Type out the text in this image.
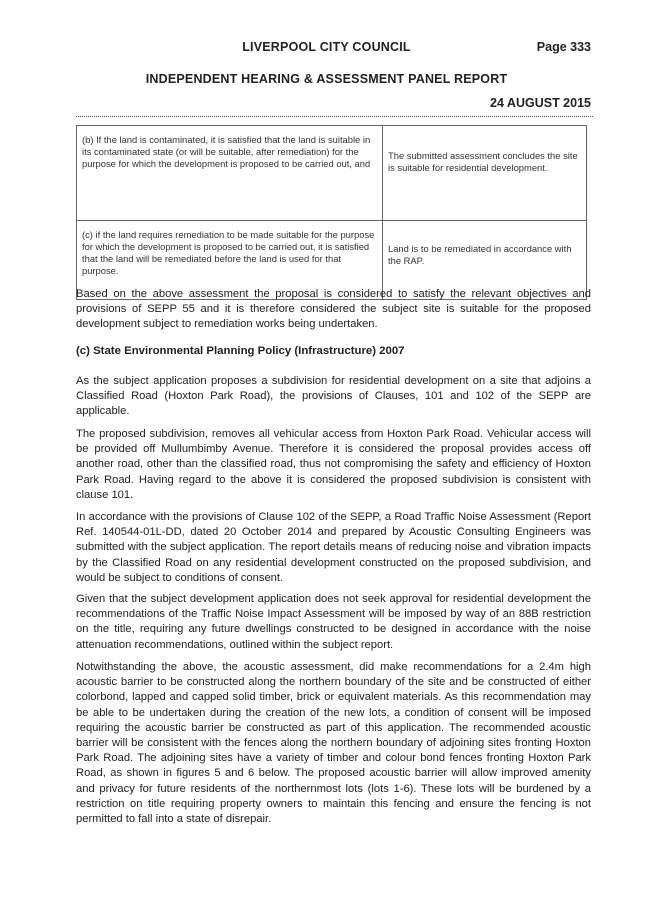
LIVERPOOL CITY COUNCIL	Page 333
INDEPENDENT HEARING & ASSESSMENT PANEL REPORT
24 AUGUST 2015
(b) If the land is contaminated, it is satisfied that the land is suitable in its contaminated state (or will be suitable, after remediation) for the purpose for which the development is proposed to be carried out, and	The submitted assessment concludes the site is suitable for residential development.
(c) if the land requires remediation to be made suitable for the purpose for which the development is proposed to be carried out, it is satisfied that the land will be remediated before the land is used for that purpose.	Land is to be remediated in accordance with the RAP.

Based on the above assessment the proposal is considered to satisfy the relevant objectives and provisions of SEPP 55 and it is therefore considered the subject site is suitable for the proposed development subject to remediation works being undertaken.

(c) State Environmental Planning Policy (Infrastructure) 2007

As the subject application proposes a subdivision for residential development on a site that adjoins a Classified Road (Hoxton Park Road), the provisions of Clauses, 101 and 102 of the SEPP are applicable.

The proposed subdivision, removes all vehicular access from Hoxton Park Road. Vehicular access will be provided off Mullumbimby Avenue. Therefore it is considered the proposal provides access off another road, other than the classified road, thus not compromising the safety and efficiency of Hoxton Park Road. Having regard to the above it is considered the proposed subdivision is consistent with clause 101.

In accordance with the provisions of Clause 102 of the SEPP, a Road Traffic Noise Assessment (Report Ref. 140544-01L-DD, dated 20 October 2014 and prepared by Acoustic Consulting Engineers was submitted with the subject application. The report details means of reducing noise and vibration impacts by the Classified Road on any residential development constructed on the proposed subdivision, and would be subject to conditions of consent.

Given that the subject development application does not seek approval for residential development the recommendations of the Traffic Noise Impact Assessment will be imposed by way of an 88B restriction on the title, requiring any future dwellings constructed to be designed in accordance with the noise attenuation recommendations, outlined within the subject report.

Notwithstanding the above, the acoustic assessment, did make recommendations for a 2.4m high acoustic barrier to be constructed along the northern boundary of the site and be constructed of either colorbond, lapped and capped solid timber, brick or equivalent materials. As this recommendation may be able to be undertaken during the creation of the new lots, a condition of consent will be imposed requiring the acoustic barrier be constructed as part of this application. The recommended acoustic barrier will be consistent with the fences along the northern boundary of adjoining sites fronting Hoxton Park Road. The adjoining sites have a variety of timber and colour bond fences fronting Hoxton Park Road, as shown in figures 5 and 6 below. The proposed acoustic barrier will allow improved amenity and privacy for future residents of the northernmost lots (lots 1-6). These lots will be burdened by a restriction on title requiring property owners to maintain this fencing and ensure the fencing is not permitted to fall into a state of disrepair.
